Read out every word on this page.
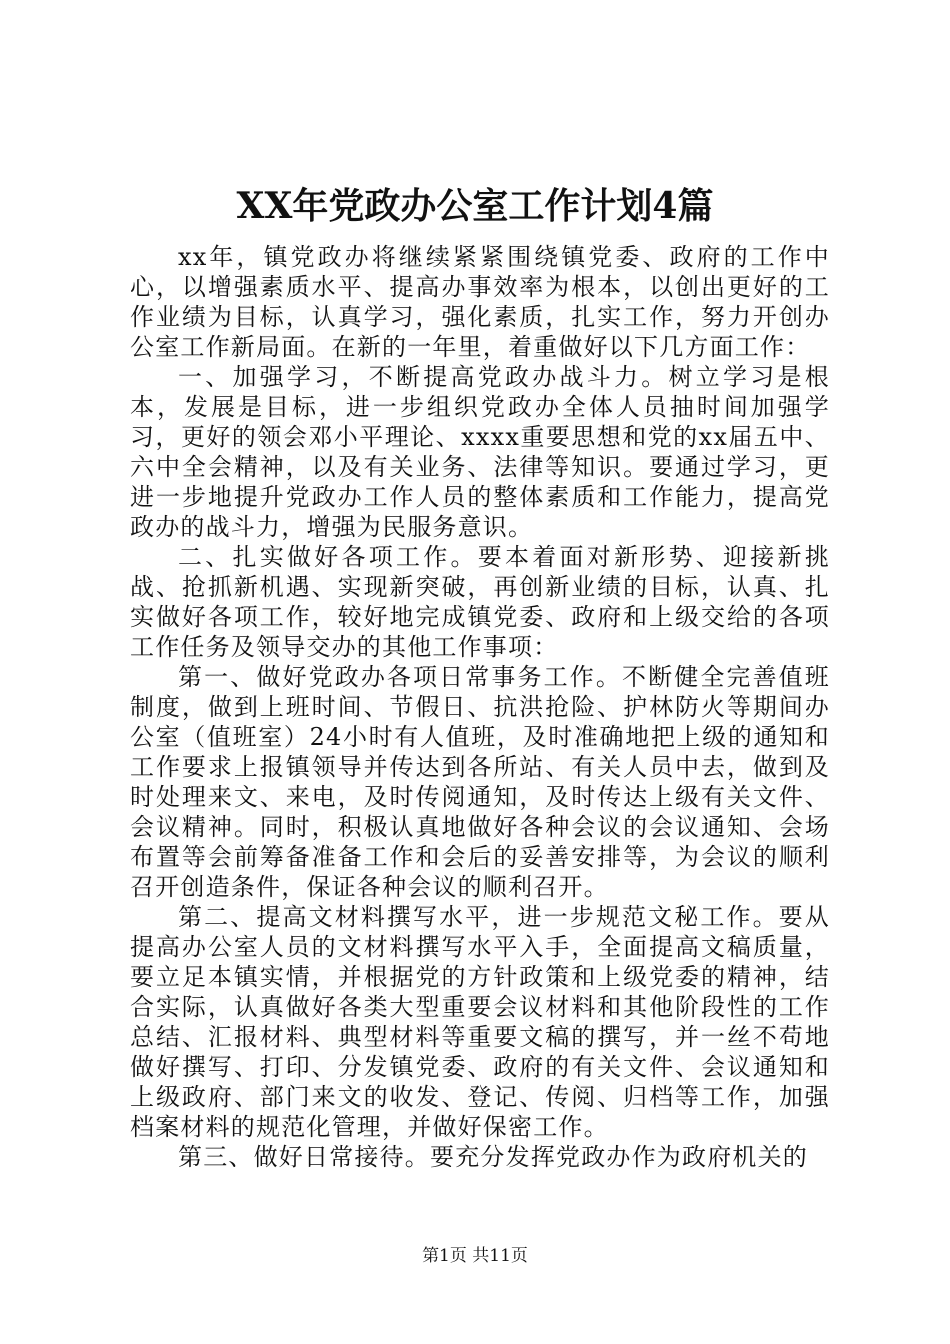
XX年党政办公室工作计划4篇

xx年，镇党政办将继续紧紧围绕镇党委、政府的工作中心，以增强素质水平、提高办事效率为根本，以创出更好的工作业绩为目标，认真学习，强化素质，扎实工作，努力开创办公室工作新局面。在新的一年里，着重做好以下几方面工作：

一、加强学习，不断提高党政办战斗力。树立学习是根本，发展是目标，进一步组织党政办全体人员抽时间加强学习，更好的领会邓小平理论、xxxx重要思想和党的xx届五中、六中全会精神，以及有关业务、法律等知识。要通过学习，更进一步地提升党政办工作人员的整体素质和工作能力，提高党政办的战斗力，增强为民服务意识。

二、扎实做好各项工作。要本着面对新形势、迎接新挑战、抢抓新机遇、实现新突破，再创新业绩的目标，认真、扎实做好各项工作，较好地完成镇党委、政府和上级交给的各项工作任务及领导交办的其他工作事项：

第一、做好党政办各项日常事务工作。不断健全完善值班制度，做到上班时间、节假日、抗洪抢险、护林防火等期间办公室（值班室）24小时有人值班，及时准确地把上级的通知和工作要求上报镇领导并传达到各所站、有关人员中去，做到及时处理来文、来电，及时传阅通知，及时传达上级有关文件、会议精神。同时，积极认真地做好各种会议的会议通知、会场布置等会前筹备准备工作和会后的妥善安排等，为会议的顺利召开创造条件，保证各种会议的顺利召开。

第二、提高文材料撰写水平，进一步规范文秘工作。要从提高办公室人员的文材料撰写水平入手，全面提高文稿质量，要立足本镇实情，并根据党的方针政策和上级党委的精神，结合实际，认真做好各类大型重要会议材料和其他阶段性的工作总结、汇报材料、典型材料等重要文稿的撰写，并一丝不苟地做好撰写、打印、分发镇党委、政府的有关文件、会议通知和上级政府、部门来文的收发、登记、传阅、归档等工作，加强档案材料的规范化管理，并做好保密工作。

第三、做好日常接待。要充分发挥党政办作为政府机关的

第1页 共11页
